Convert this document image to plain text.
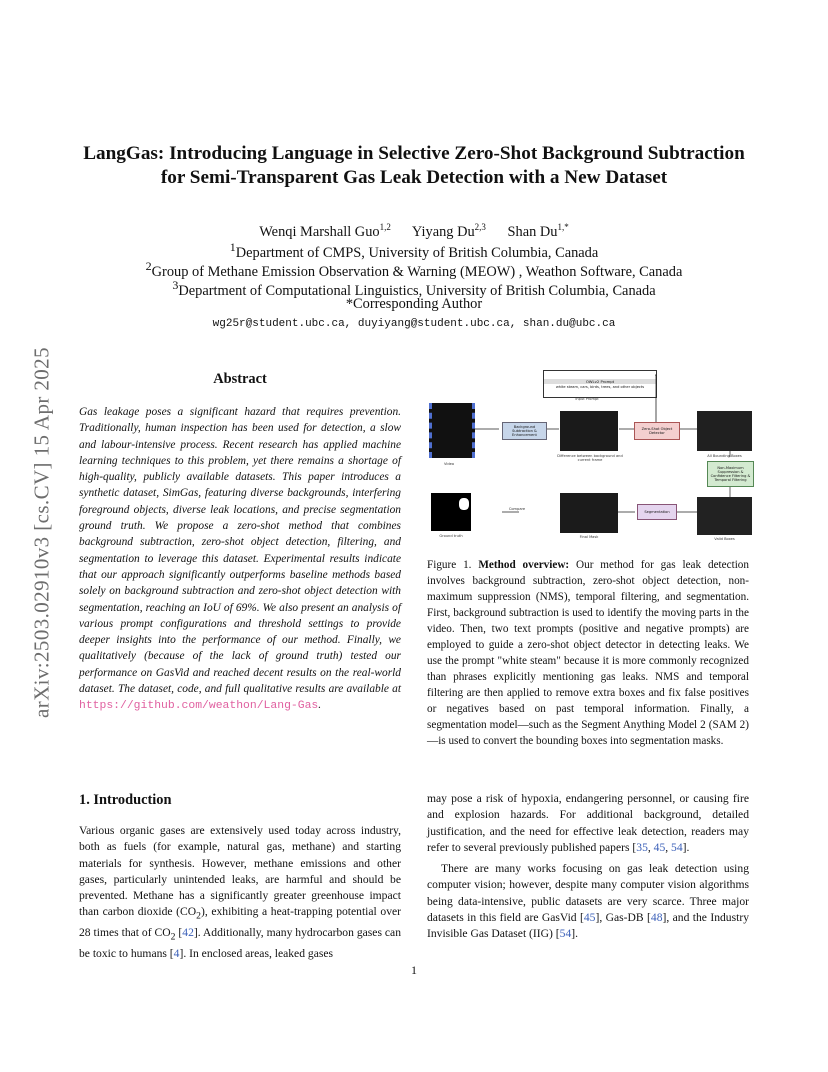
arXiv:2503.02910v3 [cs.CV] 15 Apr 2025
LangGas: Introducing Language in Selective Zero-Shot Background Subtraction
for Semi-Transparent Gas Leak Detection with a New Dataset
Wenqi Marshall Guo$^{1,2}$ Yiyang Du$^{2,3}$ Shan $Du^{1,*}$
$^1$Department of CMPS, University of British Columbia, Canada
$^2$Group of Methane Emission Observation & Warning (MEOW) , Weathon Software, Canada
$^3$Department of Computational Linguistics, University of British Columbia, Canada
*Corresponding Author
wg25r@student.ubc.ca, duyiyang@student.ubc.ca, shan.du@ubc.ca
Abstract
Gas leakage poses a significant hazard that requires prevention. Traditionally, human inspection has been used for detection, a slow and labour-intensive process. Recent research has applied machine learning techniques to this problem, yet there remains a shortage of high-quality, publicly available datasets. This paper introduces a synthetic dataset, SimGas, featuring diverse backgrounds, interfering foreground objects, diverse leak locations, and precise segmentation ground truth. We propose a zero-shot method that combines background subtraction, zero-shot object detection, filtering, and segmentation to leverage this dataset. Experimental results indicate that our approach significantly outperforms baseline methods based solely on background subtraction and zero-shot object detection with segmentation, reaching an IoU of 69%. We also present an analysis of various prompt configurations and threshold settings to provide deeper insights into the performance of our method. Finally, we qualitatively (because of the lack of ground truth) tested our performance on GasVid and reached decent results on the real-world dataset. The dataset, code, and full qualitative results are available at https://github.com/weathon/Lang-Gas.
OWLv2 Prompt
white steam, cars, birds, trees, and other objects
Input Prompt
Video
Background Subtraction & Enhancement
Difference between background and current frame
Zero-Shot Object Detector
All Bounding Boxes
Non-Maximum Suppression & Confidence Filtering & Temporal Filtering
Ground truth
Compare
Final Mask
Segmentation
Valid Boxes
Figure 1. Method overview: Our method for gas leak detection involves background subtraction, zero-shot object detection, non-maximum suppression (NMS), temporal filtering, and segmentation. First, background subtraction is used to identify the moving parts in the video. Then, two text prompts (positive and negative prompts) are employed to guide a zero-shot object detector in detecting leaks. We use the prompt "white steam" because it is more commonly recognized than phrases explicitly mentioning gas leaks. NMS and temporal filtering are then applied to remove extra boxes and fix false positives or negatives based on past temporal information. Finally, a segmentation model—such as the Segment Anything Model 2 (SAM 2)—is used to convert the bounding boxes into segmentation masks.
1. Introduction
Various organic gases are extensively used today across industry, both as fuels (for example, natural gas, methane) and starting materials for synthesis. However, methane emissions and other gases, particularly unintended leaks, are harmful and should be prevented. Methane has a significantly greater greenhouse impact than carbon dioxide $(CO_2)$, exhibiting a heat-trapping potential over 28 times that of $CO_2$ [42]. Additionally, many hydrocarbon gases can be toxic to humans [4]. In enclosed areas, leaked gases
may pose a risk of hypoxia, endangering personnel, or causing fire and explosion hazards. For additional background, detailed justification, and the need for effective leak detection, readers may refer to several previously published papers [35, 45, 54].
There are many works focusing on gas leak detection using computer vision; however, despite many computer vision algorithms being data-intensive, public datasets are very scarce. Three major datasets in this field are GasVid [45], Gas-DB [48], and the Industry Invisible Gas Dataset (IIG) [54].
1
